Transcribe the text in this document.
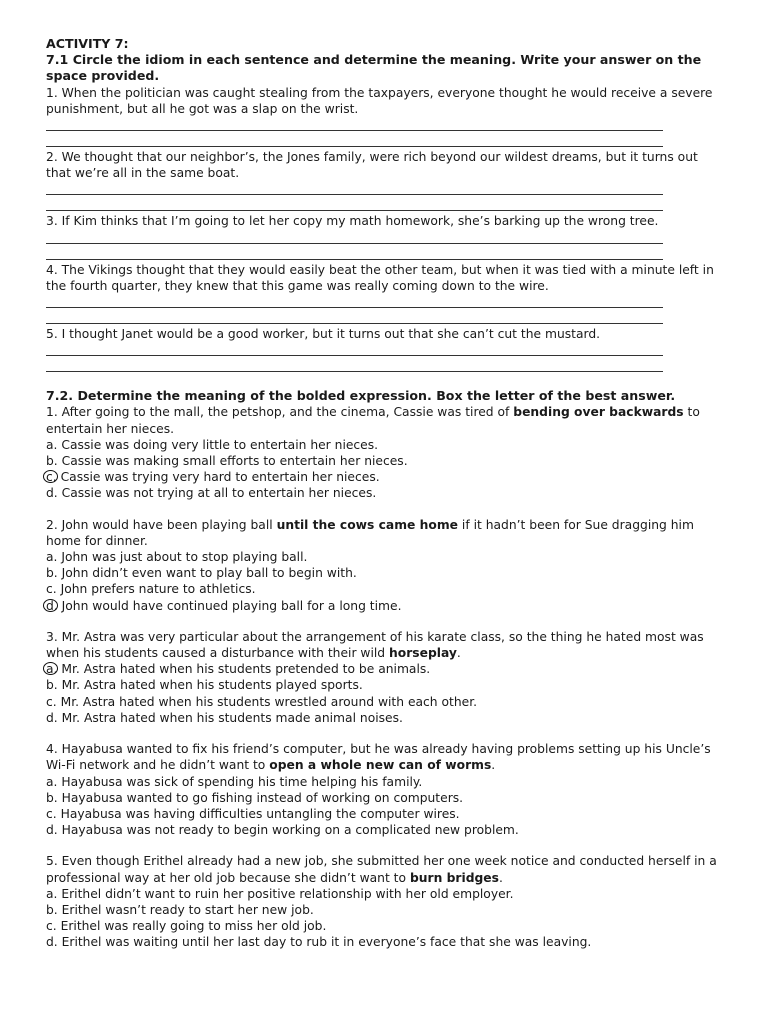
ACTIVITY 7:

7.1 Circle the idiom in each sentence and determine the meaning. Write your answer on the space provided.

1. When the politician was caught stealing from the taxpayers, everyone thought he would receive a severe punishment, but all he got was a slap on the wrist.

2. We thought that our neighbor’s, the Jones family, were rich beyond our wildest dreams, but it turns out that we’re all in the same boat.

3. If Kim thinks that I’m going to let her copy my math homework, she’s barking up the wrong tree.

4. The Vikings thought that they would easily beat the other team, but when it was tied with a minute left in the fourth quarter, they knew that this game was really coming down to the wire.

5. I thought Janet would be a good worker, but it turns out that she can’t cut the mustard.

7.2. Determine the meaning of the bolded expression. Box the letter of the best answer.

1. After going to the mall, the petshop, and the cinema, Cassie was tired of bending over backwards to entertain her nieces.

a. Cassie was doing very little to entertain her nieces.

b. Cassie was making small efforts to entertain her nieces.

c. Cassie was trying very hard to entertain her nieces.

d. Cassie was not trying at all to entertain her nieces.

2. John would have been playing ball until the cows came home if it hadn’t been for Sue dragging him home for dinner.

a. John was just about to stop playing ball.

b. John didn’t even want to play ball to begin with.

c. John prefers nature to athletics.

d. John would have continued playing ball for a long time.

3. Mr. Astra was very particular about the arrangement of his karate class, so the thing he hated most was when his students caused a disturbance with their wild horseplay.

a. Mr. Astra hated when his students pretended to be animals.

b. Mr. Astra hated when his students played sports.

c. Mr. Astra hated when his students wrestled around with each other.

d. Mr. Astra hated when his students made animal noises.

4. Hayabusa wanted to fix his friend’s computer, but he was already having problems setting up his Uncle’s Wi-Fi network and he didn’t want to open a whole new can of worms.

a. Hayabusa was sick of spending his time helping his family.

b. Hayabusa wanted to go fishing instead of working on computers.

c. Hayabusa was having difficulties untangling the computer wires.

d. Hayabusa was not ready to begin working on a complicated new problem.

5. Even though Erithel already had a new job, she submitted her one week notice and conducted herself in a professional way at her old job because she didn’t want to burn bridges.

a. Erithel didn’t want to ruin her positive relationship with her old employer.

b. Erithel wasn’t ready to start her new job.

c. Erithel was really going to miss her old job.

d. Erithel was waiting until her last day to rub it in everyone’s face that she was leaving.
